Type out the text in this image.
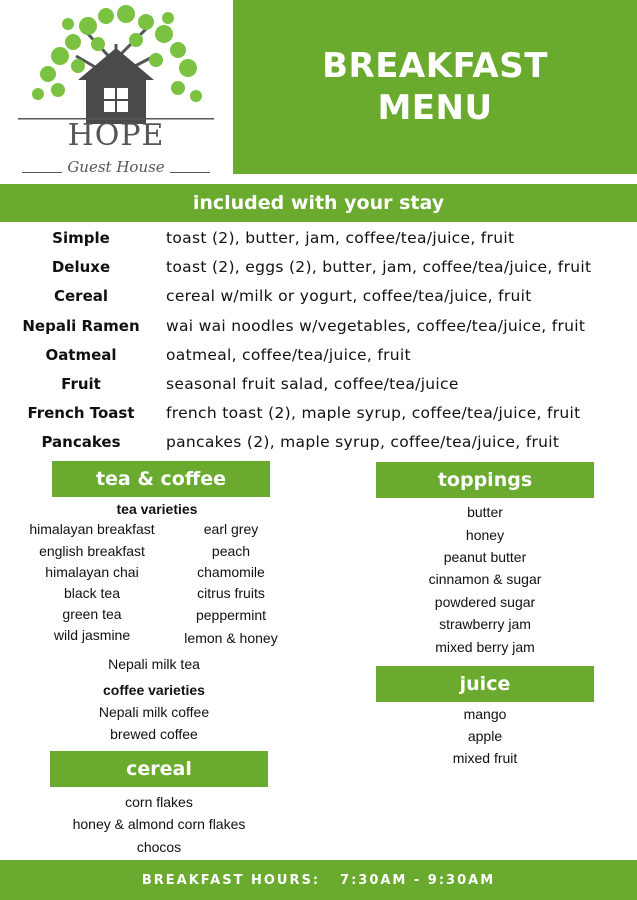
HOPE
Guest House
BREAKFAST
MENU
included with your stay
Simple	toast (2), butter, jam, coffee/tea/juice, fruit
Deluxe	toast (2), eggs (2), butter, jam, coffee/tea/juice, fruit
Cereal	cereal w/milk or yogurt, coffee/tea/juice, fruit
Nepali Ramen	wai wai noodles w/vegetables, coffee/tea/juice, fruit
Oatmeal	oatmeal, coffee/tea/juice, fruit
Fruit	seasonal fruit salad, coffee/tea/juice
French Toast	french toast (2), maple syrup, coffee/tea/juice, fruit
Pancakes	pancakes (2), maple syrup, coffee/tea/juice, fruit
tea & coffee
tea varieties
himalayan breakfast
english breakfast
himalayan chai
black tea
green tea
wild jasmine
earl grey
peach
chamomile
citrus fruits
peppermint
lemon & honey
Nepali milk tea
coffee varieties
Nepali milk coffee
brewed coffee
cereal
corn flakes
honey & almond corn flakes
chocos
toppings
butter
honey
peanut butter
cinnamon & sugar
powdered sugar
strawberry jam
mixed berry jam
juice
mango
apple
mixed fruit
BREAKFAST HOURS: 7:30AM - 9:30AM
